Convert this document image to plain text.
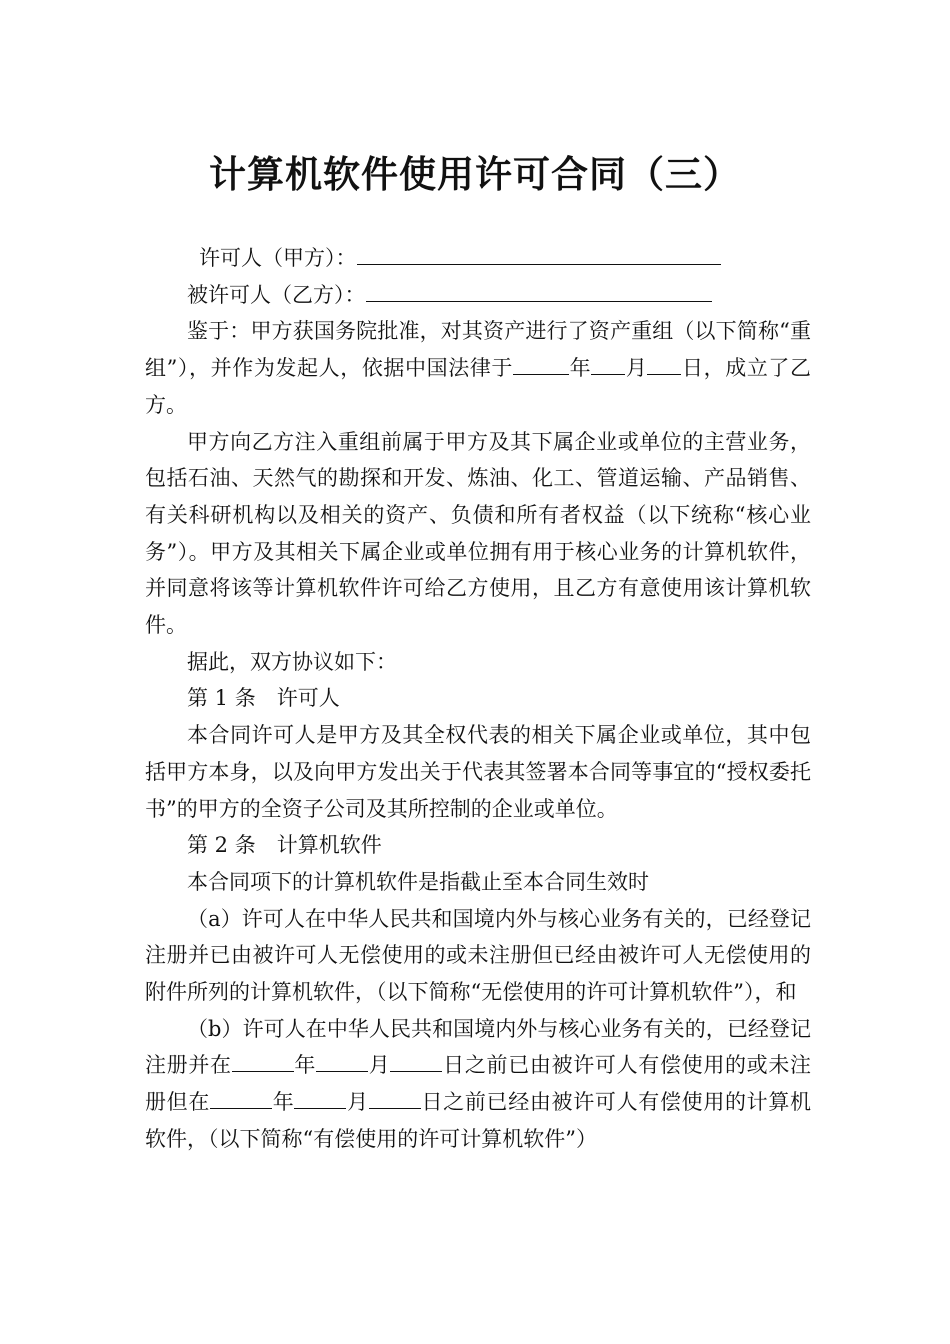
计算机软件使用许可合同（三）

许可人（甲方）：

被许可人（乙方）：

鉴于：甲方获国务院批准，对其资产进行了资产重组（以下简称“重组”），并作为发起人，依据中国法律于	年 月 日，成立了乙方。

甲方向乙方注入重组前属于甲方及其下属企业或单位的主营业务，包括石油、天然气的勘探和开发、炼油、化工、管道运输、产品销售、有关科研机构以及相关的资产、负债和所有者权益（以下统称“核心业务”）。甲方及其相关下属企业或单位拥有用于核心业务的计算机软件，并同意将该等计算机软件许可给乙方使用，且乙方有意使用该计算机软件。

据此，双方协议如下：

第 1 条　许可人

本合同许可人是甲方及其全权代表的相关下属企业或单位，其中包括甲方本身，以及向甲方发出关于代表其签署本合同等事宜的“授权委托书”的甲方的全资子公司及其所控制的企业或单位。

第 2 条　计算机软件

本合同项下的计算机软件是指截止至本合同生效时

（a）许可人在中华人民共和国境内外与核心业务有关的，已经登记注册并已由被许可人无偿使用的或未注册但已经由被许可人无偿使用的附件所列的计算机软件，（以下简称“无偿使用的许可计算机软件”），和

（b）许可人在中华人民共和国境内外与核心业务有关的，已经登记注册并在	年 月 日之前已由被许可人有偿使用的或未注册但在	年 月 日之前已经由被许可人有偿使用的计算机软件，（以下简称“有偿使用的许可计算机软件”）
